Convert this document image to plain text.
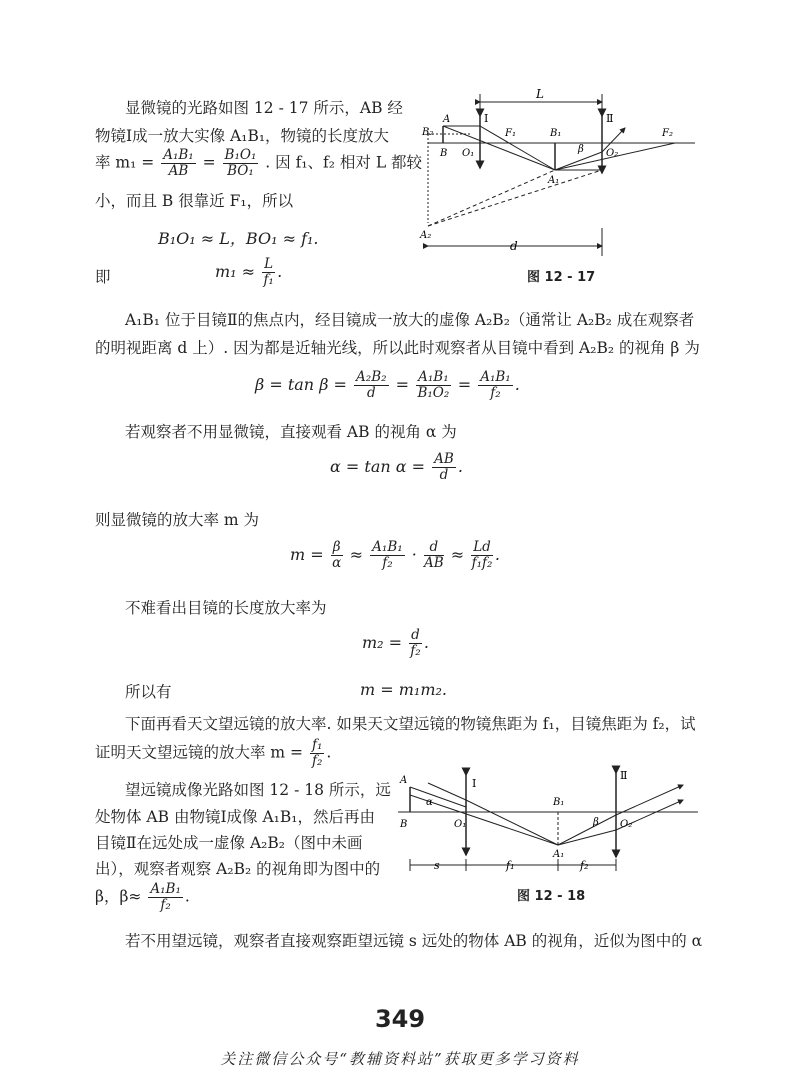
显微镜的光路如图 12 - 17 所示，AB 经
物镜Ⅰ成一放大实像 A₁B₁，物镜的长度放大
率 $m_1 = \frac{\text{A₁B₁}}{AB} = \frac{\text{B₁O₁}}{\text{BO₁}}$ . 因 f₁、f₂ 相对 L 都较
小，而且 B 很靠近 F₁，所以
B₁O₁ ≈ L，BO₁ ≈ f₁.
即	$m_1 \approx \frac{L}{\text{f₁}}$ .
L
Ⅰ	Ⅱ
d
A
B
B₂
A₂
F₁	F₂
B₁
A₁
O₁	O₂
β
图 12 - 17
A₁B₁ 位于目镜Ⅱ的焦点内，经目镜成一放大的虚像 A₂B₂（通常让 A₂B₂ 成在观察者
的明视距离 d 上）. 因为都是近轴光线，所以此时观察者从目镜中看到 A₂B₂ 的视角 β 为
$\beta = \tan \beta = \frac{\text{A₂B₂}}{d} = \frac{\text{A₁B₁}}{\text{B₁O₂}} = \frac{\text{A₁B₁}}{\text{f₂}}$ .
若观察者不用显微镜，直接观看 AB 的视角 α 为
$\alpha = \tan \alpha = \frac{AB}{d}$ .
则显微镜的放大率 m 为
$m = \frac{\beta}{\alpha} \approx \frac{\text{A₁B₁}}{\text{f₂}} \cdot \frac{d}{AB} \approx \frac{Ld}{\text{f₁f₂}}$ .
不难看出目镜的长度放大率为
$m_2 = \frac{d}{\text{f₂}}$ .
所以有	m = m₁m₂.
下面再看天文望远镜的放大率. 如果天文望远镜的物镜焦距为 f₁，目镜焦距为 f₂，试
证明天文望远镜的放大率 $m = \frac{\text{f₁}}{\text{f₂}}$ .
望远镜成像光路如图 12 - 18 所示，远
处物体 AB 由物镜Ⅰ成像 A₁B₁，然后再由
目镜Ⅱ在远处成一虚像 A₂B₂（图中未画
出），观察者观察 A₂B₂ 的视角即为图中的
β，$\beta\approx \frac{\text{A₁B₁}}{\text{f₂}}$ .
Ⅰ
Ⅱ
s	f₁	f₂
A
B
α
O₁	O₂
B₁
A₁
β
图 12 - 18
若不用望远镜，观察者直接观察距望远镜 s 远处的物体 AB 的视角，近似为图中的 α
349
关注微信公众号“教辅资料站”获取更多学习资料
